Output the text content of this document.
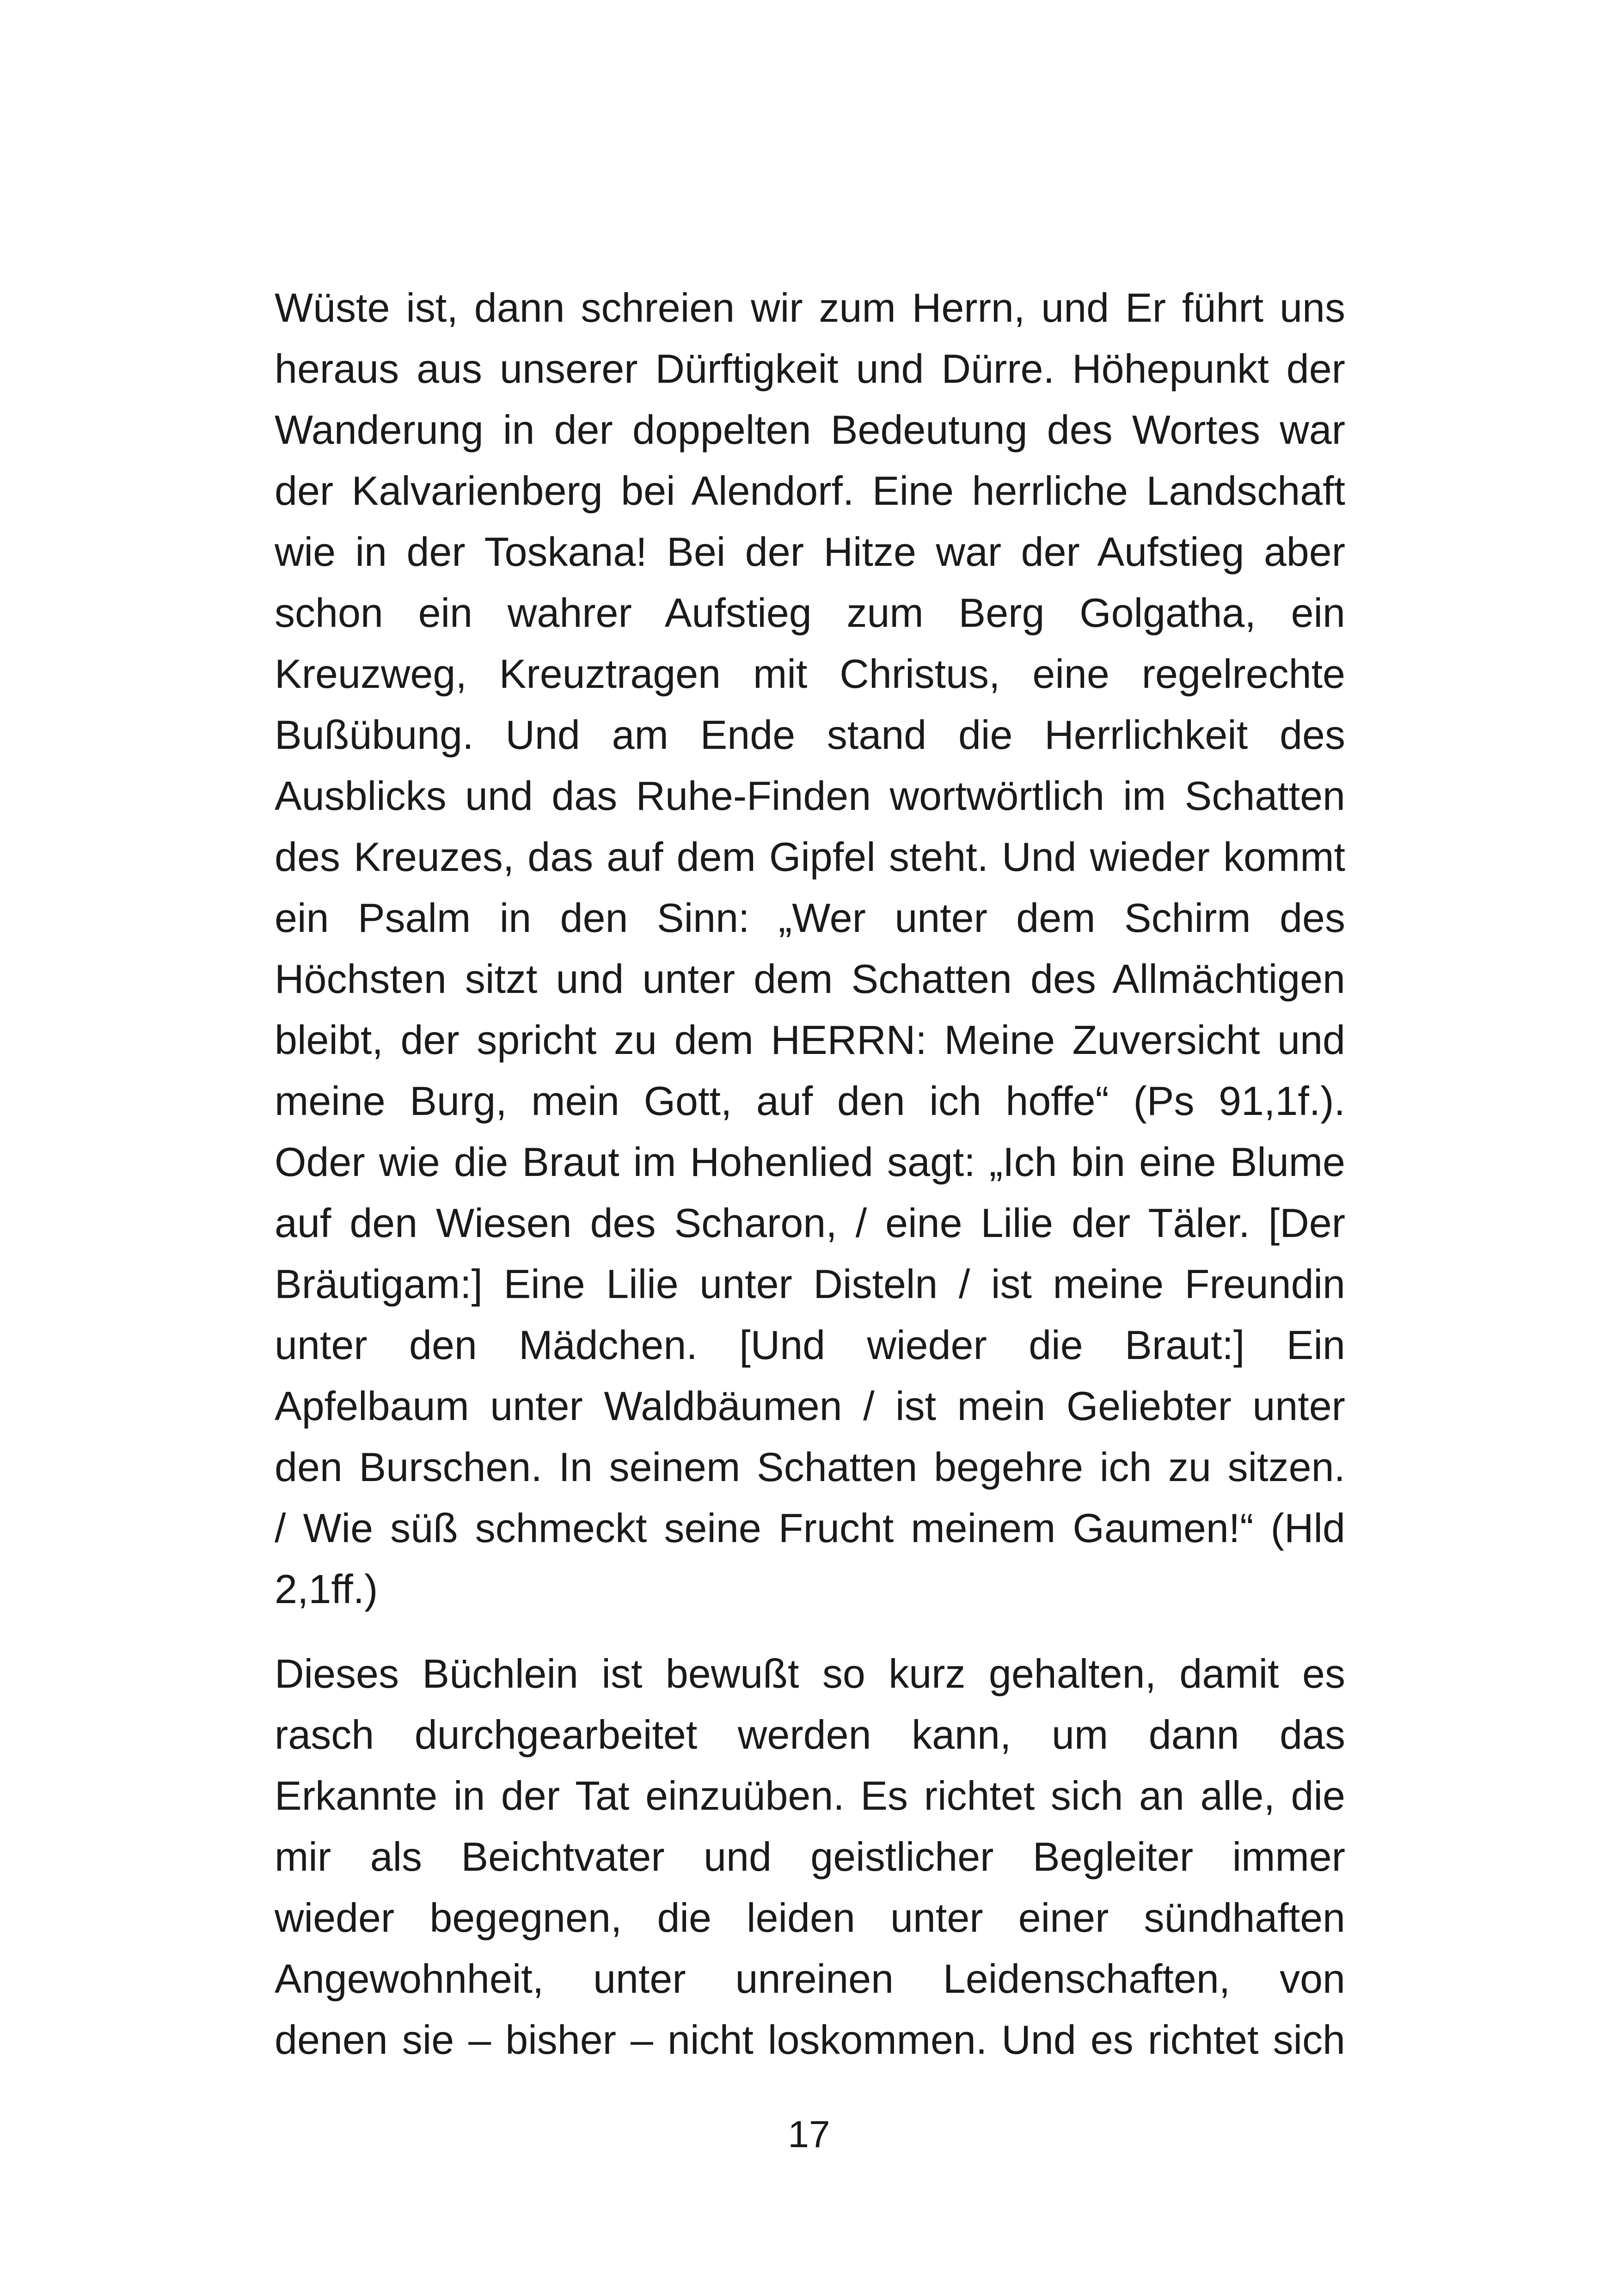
Wüste ist, dann schreien wir zum Herrn, und Er führt uns
heraus aus unserer Dürftigkeit und Dürre. Höhepunkt der
Wanderung in der doppelten Bedeutung des Wortes war
der Kalvarienberg bei Alendorf. Eine herrliche Landschaft
wie in der Toskana! Bei der Hitze war der Aufstieg aber
schon ein wahrer Aufstieg zum Berg Golgatha, ein
Kreuzweg, Kreuztragen mit Christus, eine regelrechte
Bußübung. Und am Ende stand die Herrlichkeit des
Ausblicks und das Ruhe-Finden wortwörtlich im Schatten
des Kreuzes, das auf dem Gipfel steht. Und wieder kommt
ein Psalm in den Sinn: „Wer unter dem Schirm des
Höchsten sitzt und unter dem Schatten des Allmächtigen
bleibt, der spricht zu dem HERRN: Meine Zuversicht und
meine Burg, mein Gott, auf den ich hoffe“ (Ps 91,1f.).
Oder wie die Braut im Hohenlied sagt: „Ich bin eine Blume
auf den Wiesen des Scharon, / eine Lilie der Täler. [Der
Bräutigam:] Eine Lilie unter Disteln / ist meine Freundin
unter den Mädchen. [Und wieder die Braut:] Ein
Apfelbaum unter Waldbäumen / ist mein Geliebter unter
den Burschen. In seinem Schatten begehre ich zu sitzen.
/ Wie süß schmeckt seine Frucht meinem Gaumen!“ (Hld
2,1ff.)
Dieses Büchlein ist bewußt so kurz gehalten, damit es
rasch durchgearbeitet werden kann, um dann das
Erkannte in der Tat einzuüben. Es richtet sich an alle, die
mir als Beichtvater und geistlicher Begleiter immer
wieder begegnen, die leiden unter einer sündhaften
Angewohnheit, unter unreinen Leidenschaften, von
denen sie – bisher – nicht loskommen. Und es richtet sich
17
